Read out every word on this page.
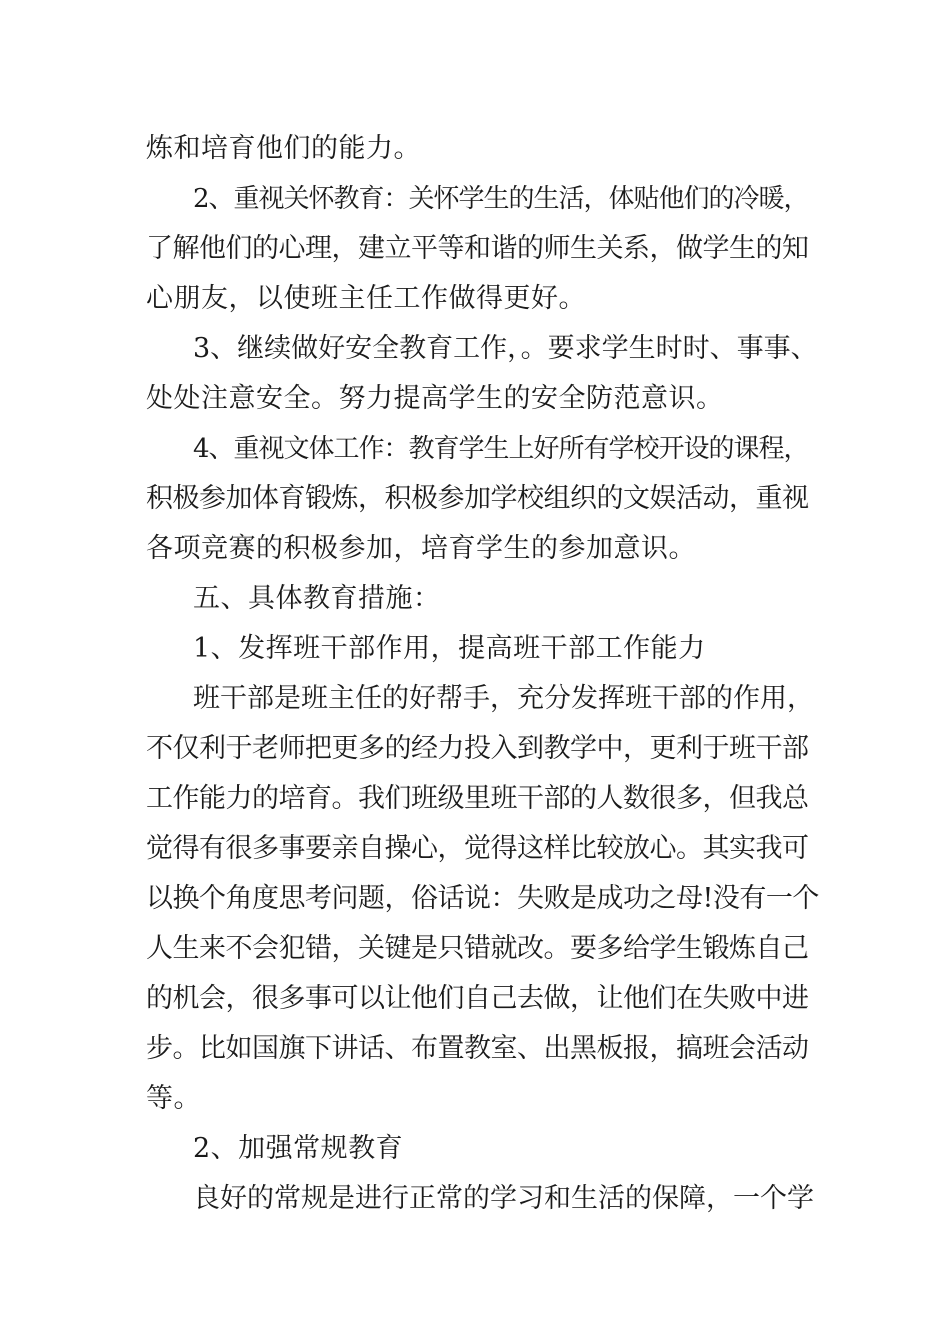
炼和培育他们的能力。
2、重视关怀教育：关怀学生的生活，体贴他们的冷暖，
了解他们的心理，建立平等和谐的师生关系，做学生的知
心朋友，以使班主任工作做得更好。
3、继续做好安全教育工作，。要求学生时时、事事、
处处注意安全。努力提高学生的安全防范意识。
4、重视文体工作：教育学生上好所有学校开设的课程，
积极参加体育锻炼，积极参加学校组织的文娱活动，重视
各项竞赛的积极参加，培育学生的参加意识。
五、具体教育措施：
1、发挥班干部作用，提高班干部工作能力
班干部是班主任的好帮手，充分发挥班干部的作用，
不仅利于老师把更多的经力投入到教学中，更利于班干部
工作能力的培育。我们班级里班干部的人数很多，但我总
觉得有很多事要亲自操心，觉得这样比较放心。其实我可
以换个角度思考问题，俗话说：失败是成功之母!没有一个
人生来不会犯错，关键是只错就改。要多给学生锻炼自己
的机会，很多事可以让他们自己去做，让他们在失败中进
步。比如国旗下讲话、布置教室、出黑板报，搞班会活动
等。
2、加强常规教育
良好的常规是进行正常的学习和生活的保障，一个学
